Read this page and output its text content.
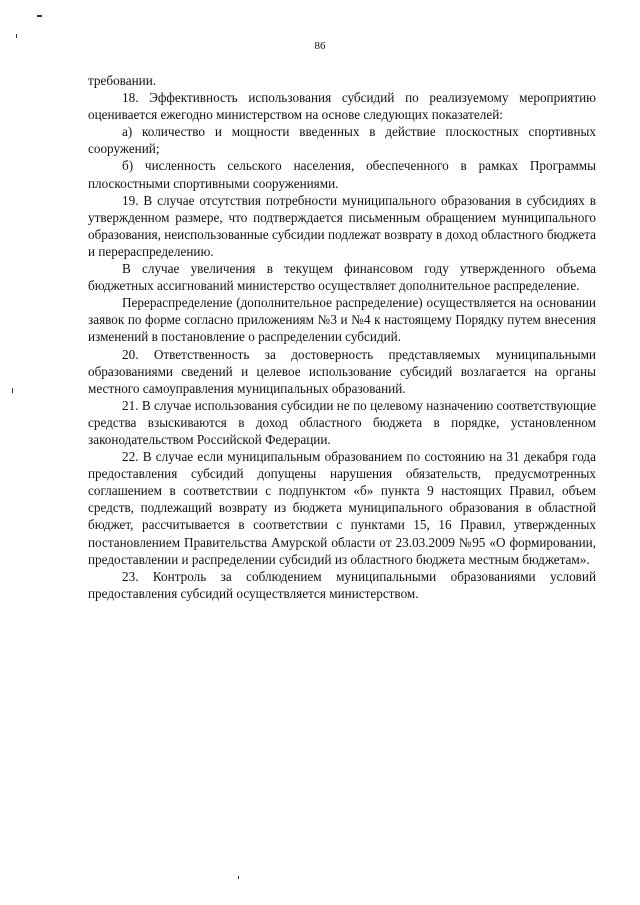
86

требовании.

18. Эффективность использования субсидий по реализуемому мероприятию оценивается ежегодно министерством на основе следующих показателей:

а) количество и мощности введенных в действие плоскостных спортивных сооружений;

б) численность сельского населения, обеспеченного в рамках Программы плоскостными спортивными сооружениями.

19. В случае отсутствия потребности муниципального образования в субсидиях в утвержденном размере, что подтверждается письменным обращением муниципального образования, неиспользованные субсидии подлежат возврату в доход областного бюджета и перераспределению.

В случае увеличения в текущем финансовом году утвержденного объема бюджетных ассигнований министерство осуществляет дополнительное распределение.

Перераспределение (дополнительное распределение) осуществляется на основании заявок по форме согласно приложениям №3 и №4 к настоящему Порядку путем внесения изменений в постановление о распределении субсидий.

20. Ответственность за достоверность представляемых муниципальными образованиями сведений и целевое использование субсидий возлагается на органы местного самоуправления муниципальных образований.

21. В случае использования субсидии не по целевому назначению соответствующие средства взыскиваются в доход областного бюджета в порядке, установленном законодательством Российской Федерации.

22. В случае если муниципальным образованием по состоянию на 31 декабря года предоставления субсидий допущены нарушения обязательств, предусмотренных соглашением в соответствии с подпунктом «б» пункта 9 настоящих Правил, объем средств, подлежащий возврату из бюджета муниципального образования в областной бюджет, рассчитывается в соответствии с пунктами 15, 16 Правил, утвержденных постановлением Правительства Амурской области от 23.03.2009 №95 «О формировании, предоставлении и распределении субсидий из областного бюджета местным бюджетам».

23. Контроль за соблюдением муниципальными образованиями условий предоставления субсидий осуществляется министерством.
